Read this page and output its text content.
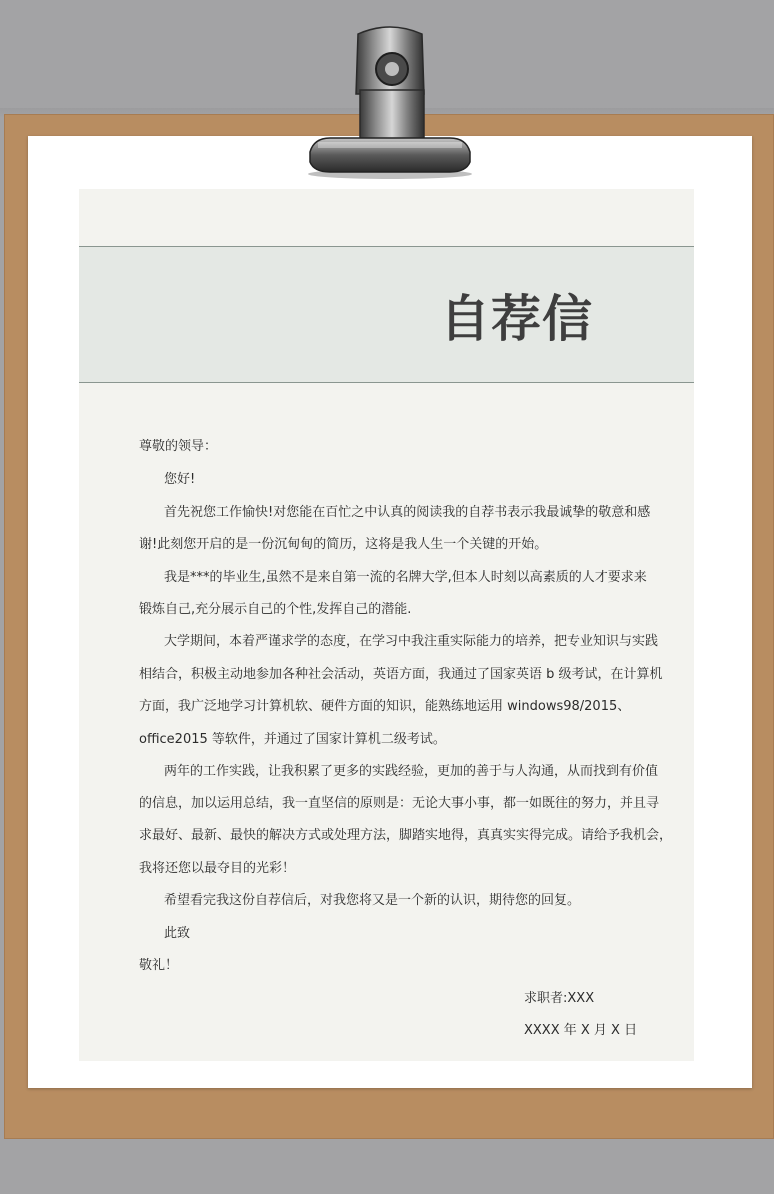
自荐信
尊敬的领导：
您好!
首先祝您工作愉快!对您能在百忙之中认真的阅读我的自荐书表示我最诚挚的敬意和感
谢!此刻您开启的是一份沉甸甸的简历，这将是我人生一个关键的开始。
我是***的毕业生,虽然不是来自第一流的名牌大学,但本人时刻以高素质的人才要求来
锻炼自己,充分展示自己的个性,发挥自己的潜能.
大学期间，本着严谨求学的态度，在学习中我注重实际能力的培养，把专业知识与实践
相结合，积极主动地参加各种社会活动，英语方面，我通过了国家英语 b 级考试，在计算机
方面，我广泛地学习计算机软、硬件方面的知识，能熟练地运用 windows98/2015、
office2015 等软件，并通过了国家计算机二级考试。
两年的工作实践，让我积累了更多的实践经验，更加的善于与人沟通，从而找到有价值
的信息，加以运用总结，我一直坚信的原则是：无论大事小事，都一如既往的努力，并且寻
求最好、最新、最快的解决方式或处理方法，脚踏实地得，真真实实得完成。请给予我机会，
我将还您以最夺目的光彩！
希望看完我这份自荐信后，对我您将又是一个新的认识，期待您的回复。
此致
敬礼！
求职者:XXX
XXXX 年 X 月 X 日
